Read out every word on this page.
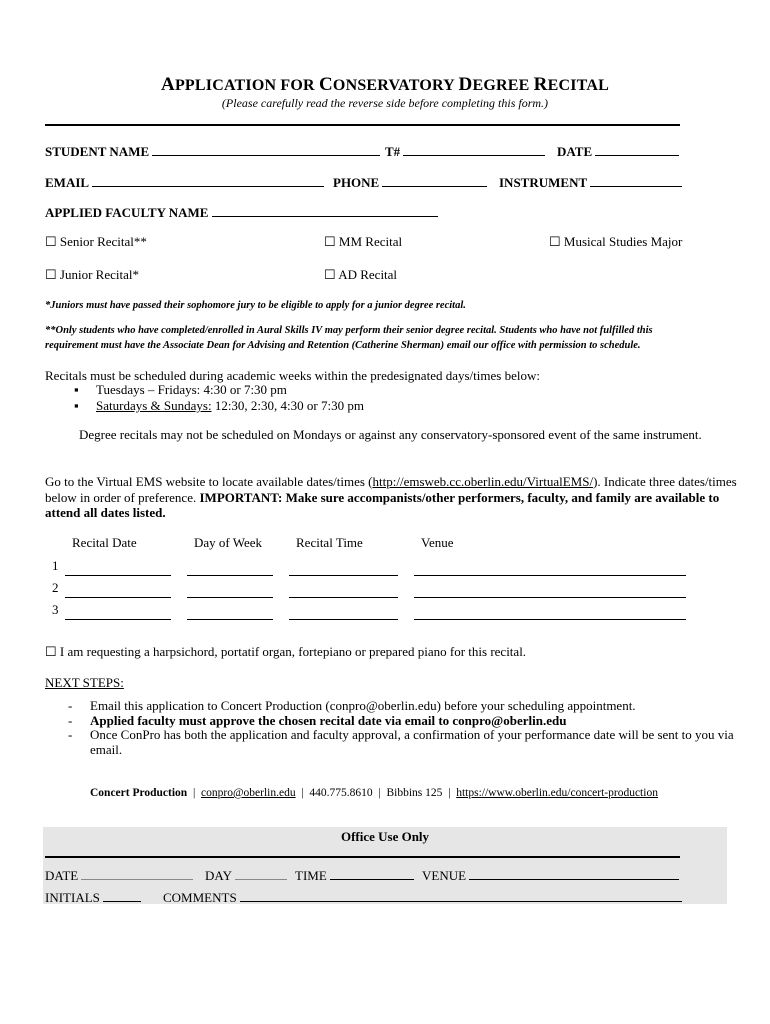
APPLICATION FOR CONSERVATORY DEGREE RECITAL
(Please carefully read the reverse side before completing this form.)
STUDENT NAME	T#	DATE
EMAIL	PHONE	INSTRUMENT
APPLIED FACULTY NAME
☐ Senior Recital**	☐ MM Recital	☐ Musical Studies Major
☐ Junior Recital*	☐ AD Recital
*Juniors must have passed their sophomore jury to be eligible to apply for a junior degree recital.
**Only students who have completed/enrolled in Aural Skills IV may perform their senior degree recital. Students who have not fulfilled this
requirement must have the Associate Dean for Advising and Retention (Catherine Sherman) email our office with permission to schedule.
Recitals must be scheduled during academic weeks within the predesignated days/times below:
▪ Tuesdays – Fridays: 4:30 or 7:30 pm
▪ Saturdays & Sundays: 12:30, 2:30, 4:30 or 7:30 pm
Degree recitals may not be scheduled on Mondays or against any conservatory-sponsored event of the same instrument.
Go to the Virtual EMS website to locate available dates/times (http://emsweb.cc.oberlin.edu/VirtualEMS/). Indicate three dates/times
below in order of preference. IMPORTANT: Make sure accompanists/other performers, faculty, and family are available to
attend all dates listed.
Recital Date	Day of Week	Recital Time	Venue
1
2
3
☐ I am requesting a harpsichord, portatif organ, fortepiano or prepared piano for this recital.
NEXT STEPS:
- Email this application to Concert Production (conpro@oberlin.edu) before your scheduling appointment.
- Applied faculty must approve the chosen recital date via email to conpro@oberlin.edu
- Once ConPro has both the application and faculty approval, a confirmation of your performance date will be sent to you via
email.
Concert Production | conpro@oberlin.edu | 440.775.8610 | Bibbins 125 | https://www.oberlin.edu/concert-production
Office Use Only
DATE	DAY	TIME	VENUE
INITIALS	COMMENTS
